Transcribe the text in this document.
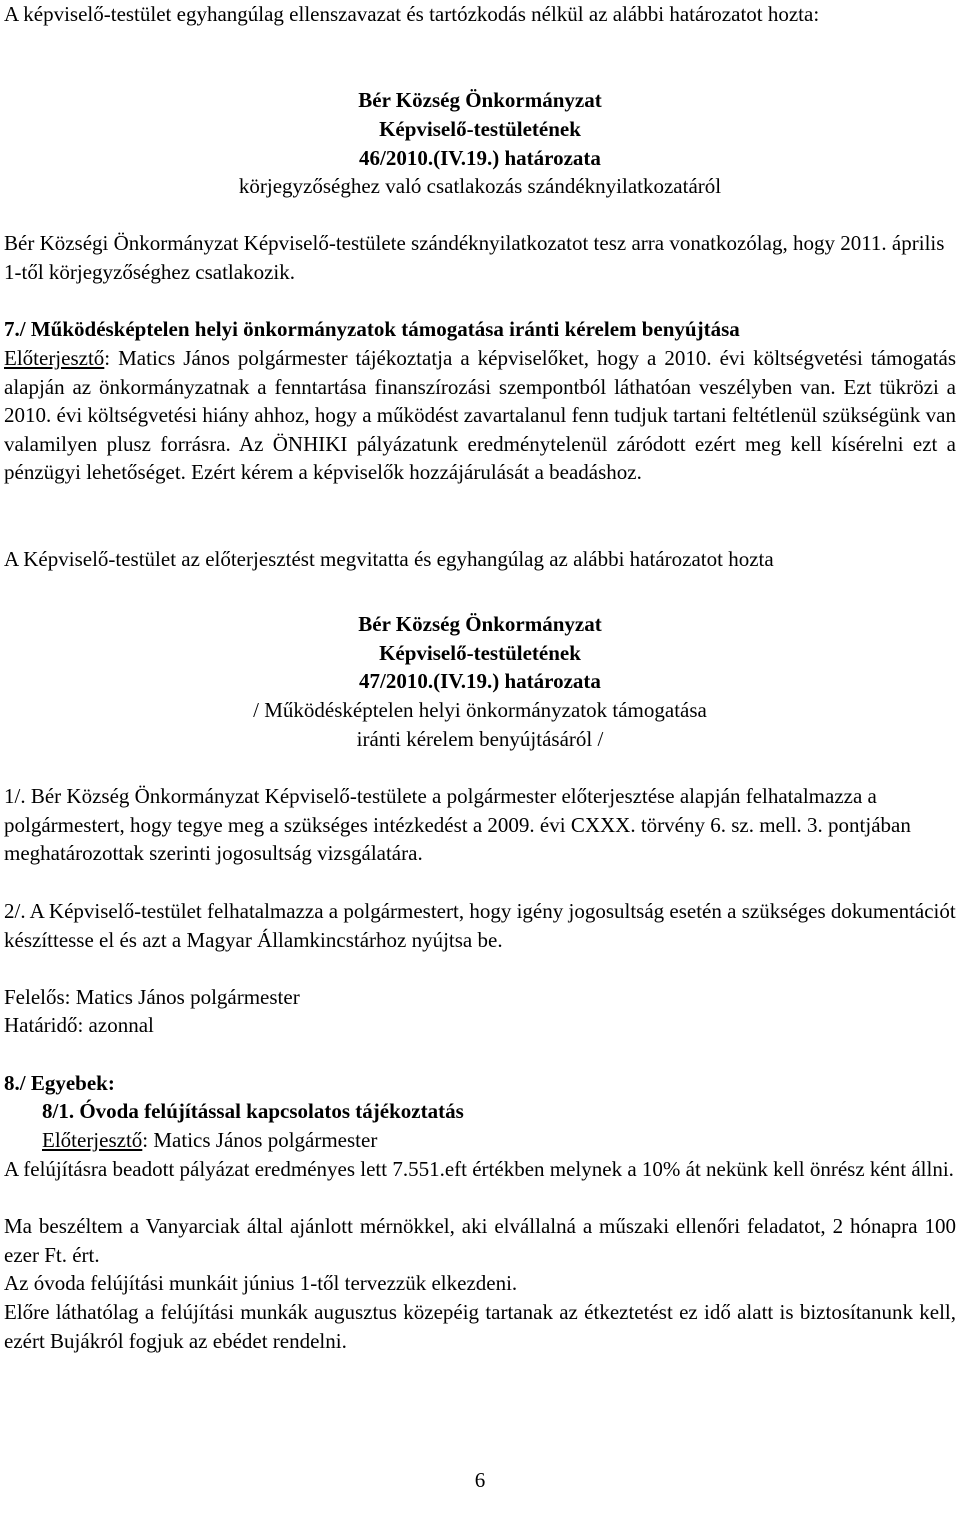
A képviselő-testület egyhangúlag ellenszavazat és tartózkodás nélkül az alábbi határozatot hozta:

Bér Község Önkormányzat
Képviselő-testületének
46/2010.(IV.19.) határozata
körjegyzőséghez való csatlakozás szándéknyilatkozatáról

Bér Községi Önkormányzat Képviselő-testülete szándéknyilatkozatot tesz arra vonatkozólag, hogy 2011. április 1-től körjegyzőséghez csatlakozik.

7./ Működésképtelen helyi önkormányzatok támogatása iránti kérelem benyújtása

Előterjesztő: Matics János polgármester tájékoztatja a képviselőket, hogy a 2010. évi költségvetési támogatás alapján az önkormányzatnak a fenntartása finanszírozási szempontból láthatóan veszélyben van. Ezt tükrözi a 2010. évi költségvetési hiány ahhoz, hogy a működést zavartalanul fenn tudjuk tartani feltétlenül szükségünk van valamilyen plusz forrásra. Az ÖNHIKI pályázatunk eredménytelenül záródott ezért meg kell kísérelni ezt a pénzügyi lehetőséget. Ezért kérem a képviselők hozzájárulását a beadáshoz.

A Képviselő-testület az előterjesztést megvitatta és egyhangúlag az alábbi határozatot hozta

Bér Község Önkormányzat
Képviselő-testületének
47/2010.(IV.19.) határozata
/ Működésképtelen helyi önkormányzatok támogatása
iránti kérelem benyújtásáról /

1/. Bér Község Önkormányzat Képviselő-testülete a polgármester előterjesztése alapján felhatalmazza a polgármestert, hogy tegye meg a szükséges intézkedést a 2009. évi CXXX. törvény 6. sz. mell. 3. pontjában meghatározottak szerinti jogosultság vizsgálatára.

2/. A Képviselő-testület felhatalmazza a polgármestert, hogy igény jogosultság esetén a szükséges dokumentációt készíttesse el és azt a Magyar Államkincstárhoz nyújtsa be.

Felelős: Matics János polgármester
Határidő: azonnal
8./ Egyebek:
8/1. Óvoda felújítással kapcsolatos tájékoztatás
Előterjesztő: Matics János polgármester

A felújításra beadott pályázat eredményes lett 7.551.eft értékben melynek a 10% át nekünk kell önrész ként állni.

Ma beszéltem a Vanyarciak által ajánlott mérnökkel, aki elvállalná a műszaki ellenőri feladatot, 2 hónapra 100 ezer Ft. ért.

Az óvoda felújítási munkáit június 1-től tervezzük elkezdeni.

Előre láthatólag a felújítási munkák augusztus közepéig tartanak az étkeztetést ez idő alatt is biztosítanunk kell, ezért Bujákról fogjuk az ebédet rendelni.

6
